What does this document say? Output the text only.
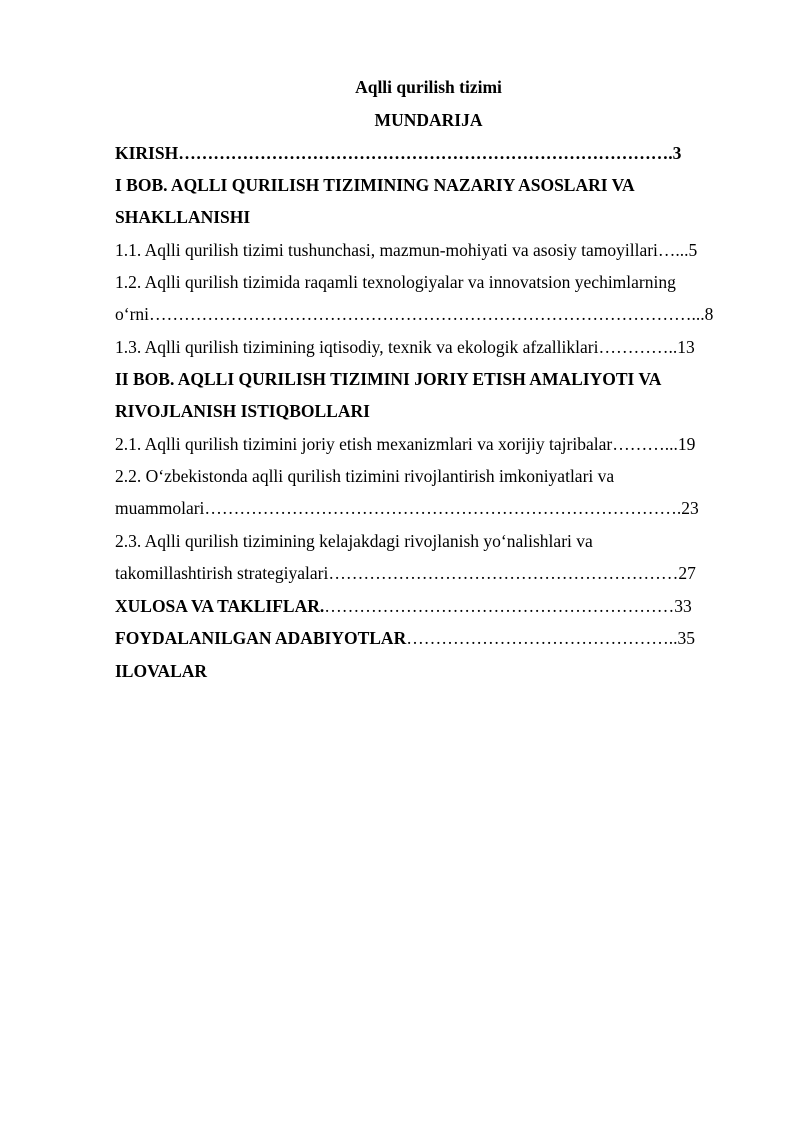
Aqlli qurilish tizimi
MUNDARIJA
KIRISH………………………………………………………………………….3
I BOB. AQLLI QURILISH TIZIMINING NAZARIY ASOSLARI VA
SHAKLLANISHI
1.1. Aqlli qurilish tizimi tushunchasi, mazmun-mohiyati va asosiy tamoyillari…...5
1.2. Aqlli qurilish tizimida raqamli texnologiyalar va innovatsion yechimlarning
o‘rni…………………………………………………………………………………...8
1.3. Aqlli qurilish tizimining iqtisodiy, texnik va ekologik afzalliklari…………..13
II BOB. AQLLI QURILISH TIZIMINI JORIY ETISH AMALIYOTI VA
RIVOJLANISH ISTIQBOLLARI
2.1. Aqlli qurilish tizimini joriy etish mexanizmlari va xorijiy tajribalar………...19
2.2. O‘zbekistonda aqlli qurilish tizimini rivojlantirish imkoniyatlari va
muammolari……………………………………………………………………….23
2.3. Aqlli qurilish tizimining kelajakdagi rivojlanish yo‘nalishlari va
takomillashtirish strategiyalari……………………………………………………27
XULOSA VA TAKLIFLAR.……………………………………………………33
FOYDALANILGAN ADABIYOTLAR………………………………………..35
ILOVALAR
